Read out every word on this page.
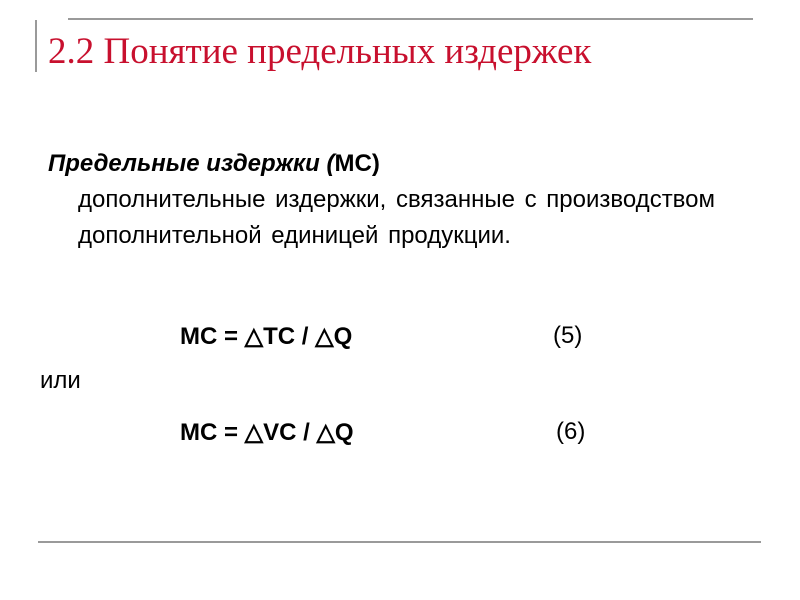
2.2 Понятие предельных издержек
Предельные издержки (MC)
дополнительные издержки, связанные с производством дополнительной единицей продукции.
MC = △TC / △Q	(5)
или
MC = △VC / △Q	(6)
